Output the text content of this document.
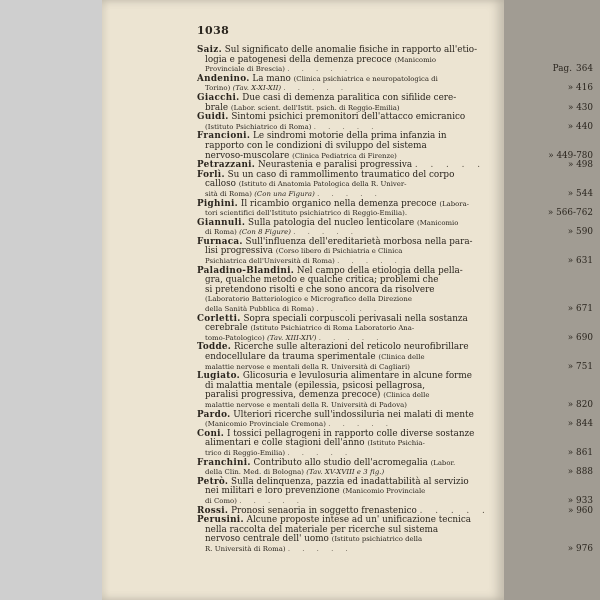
1038
Saiz. Sul significato delle anomalie fisiche in rapporto all'etio-
logia e patogenesi della demenza precoce (Manicomio
Provinciale di Brescia) . . . . .	Pag. 364
Andenino. La mano (Clinica psichiatrica e neuropatologica di
Torino) (Tav. X-XI-XII) . . . . .	» 416
Giacchi. Due casi di demenza paralitica con sifilide cere-
brale (Labor. scient. dell'Istit. psich. di Reggio-Emilia)	» 430
Guidi. Sintomi psichici premonitori dell'attacco emicranico
(Istituto Psichiatrico di Roma) . . . . .	» 440
Francioni. Le sindromi motorie della prima infanzia in
rapporto con le condizioni di sviluppo del sistema
nervoso-muscolare (Clinica Pediatrica di Firenze)	» 449-780
Petrazzani. Neurastenia e paralisi progressiva . . . . .	» 498
Forlì. Su un caso di rammollimento traumatico del corpo
calloso (Istituto di Anatomia Patologica della R. Univer-
sità di Roma) (Con una Figura) . . . . .	» 544
Pighini. Il ricambio organico nella demenza precoce (Labora-
tori scientifici dell'Istituto psichiatrico di Reggio-Emilia).	» 566-762
Giannuli. Sulla patologia del nucleo lenticolare (Manicomio
di Roma) (Con 8 Figure) . . . . .	» 590
Furnaca. Sull'influenza dell'ereditarietà morbosa nella para-
lisi progressiva (Corso libero di Psichiatria e Clinica
Psichiatrica dell'Università di Roma) . . . . .	» 631
Paladino-Blandini. Nel campo della etiologia della pella-
gra, qualche metodo e qualche critica; problemi che
si pretendono risolti e che sono ancora da risolvere
(Laboratorio Batteriologico e Micrografico della Direzione
della Sanità Pubblica di Roma) . . . . .	» 671
Corletti. Sopra speciali corpuscoli perivasali nella sostanza
cerebrale (Istituto Psichiatrico di Roma Laboratorio Ana-
tomo-Patologico) (Tav. XIII-XIV) . . . . .	» 690
Todde. Ricerche sulle alterazioni del reticolo neurofibrillare
endocellulare da trauma sperimentale (Clinica delle
malattie nervose e mentali della R. Università di Cagliari)	» 751
Lugiato. Glicosuria e levulosuria alimentare in alcune forme
di malattia mentale (epilessia, psicosi pellagrosa,
paralisi progressiva, demenza precoce) (Clinica delle
malattie nervose e mentali della R. Università di Padova)	» 820
Pardo. Ulteriori ricerche sull'indossiluria nei malati di mente
(Manicomio Provinciale Cremona) . . . . .	» 844
Coni. I tossici pellagrogeni in rapporto colle diverse sostanze
alimentari e colle stagioni dell'anno (Istituto Psichia-
trico di Reggio-Emilia) . . . . .	» 861
Franchini. Contributo allo studio dell'acromegalia (Labor.
della Clin. Med. di Bologna) (Tav. XV-XVIII e 3 fig.)	» 888
Petrò. Sulla delinquenza, pazzia ed inadattabilità al servizio
nei militari e loro prevenzione (Manicomio Provinciale
di Como) . . . . .	» 933
Rossi. Pronosi senaoria in soggetto frenastenico . . . . .	» 960
Perusini. Alcune proposte intese ad un' unificazione tecnica
nella raccolta del materiale per ricerche sul sistema
nervoso centrale dell' uomo (Istituto psichiatrico della
R. Università di Roma) . . . . .	» 976
